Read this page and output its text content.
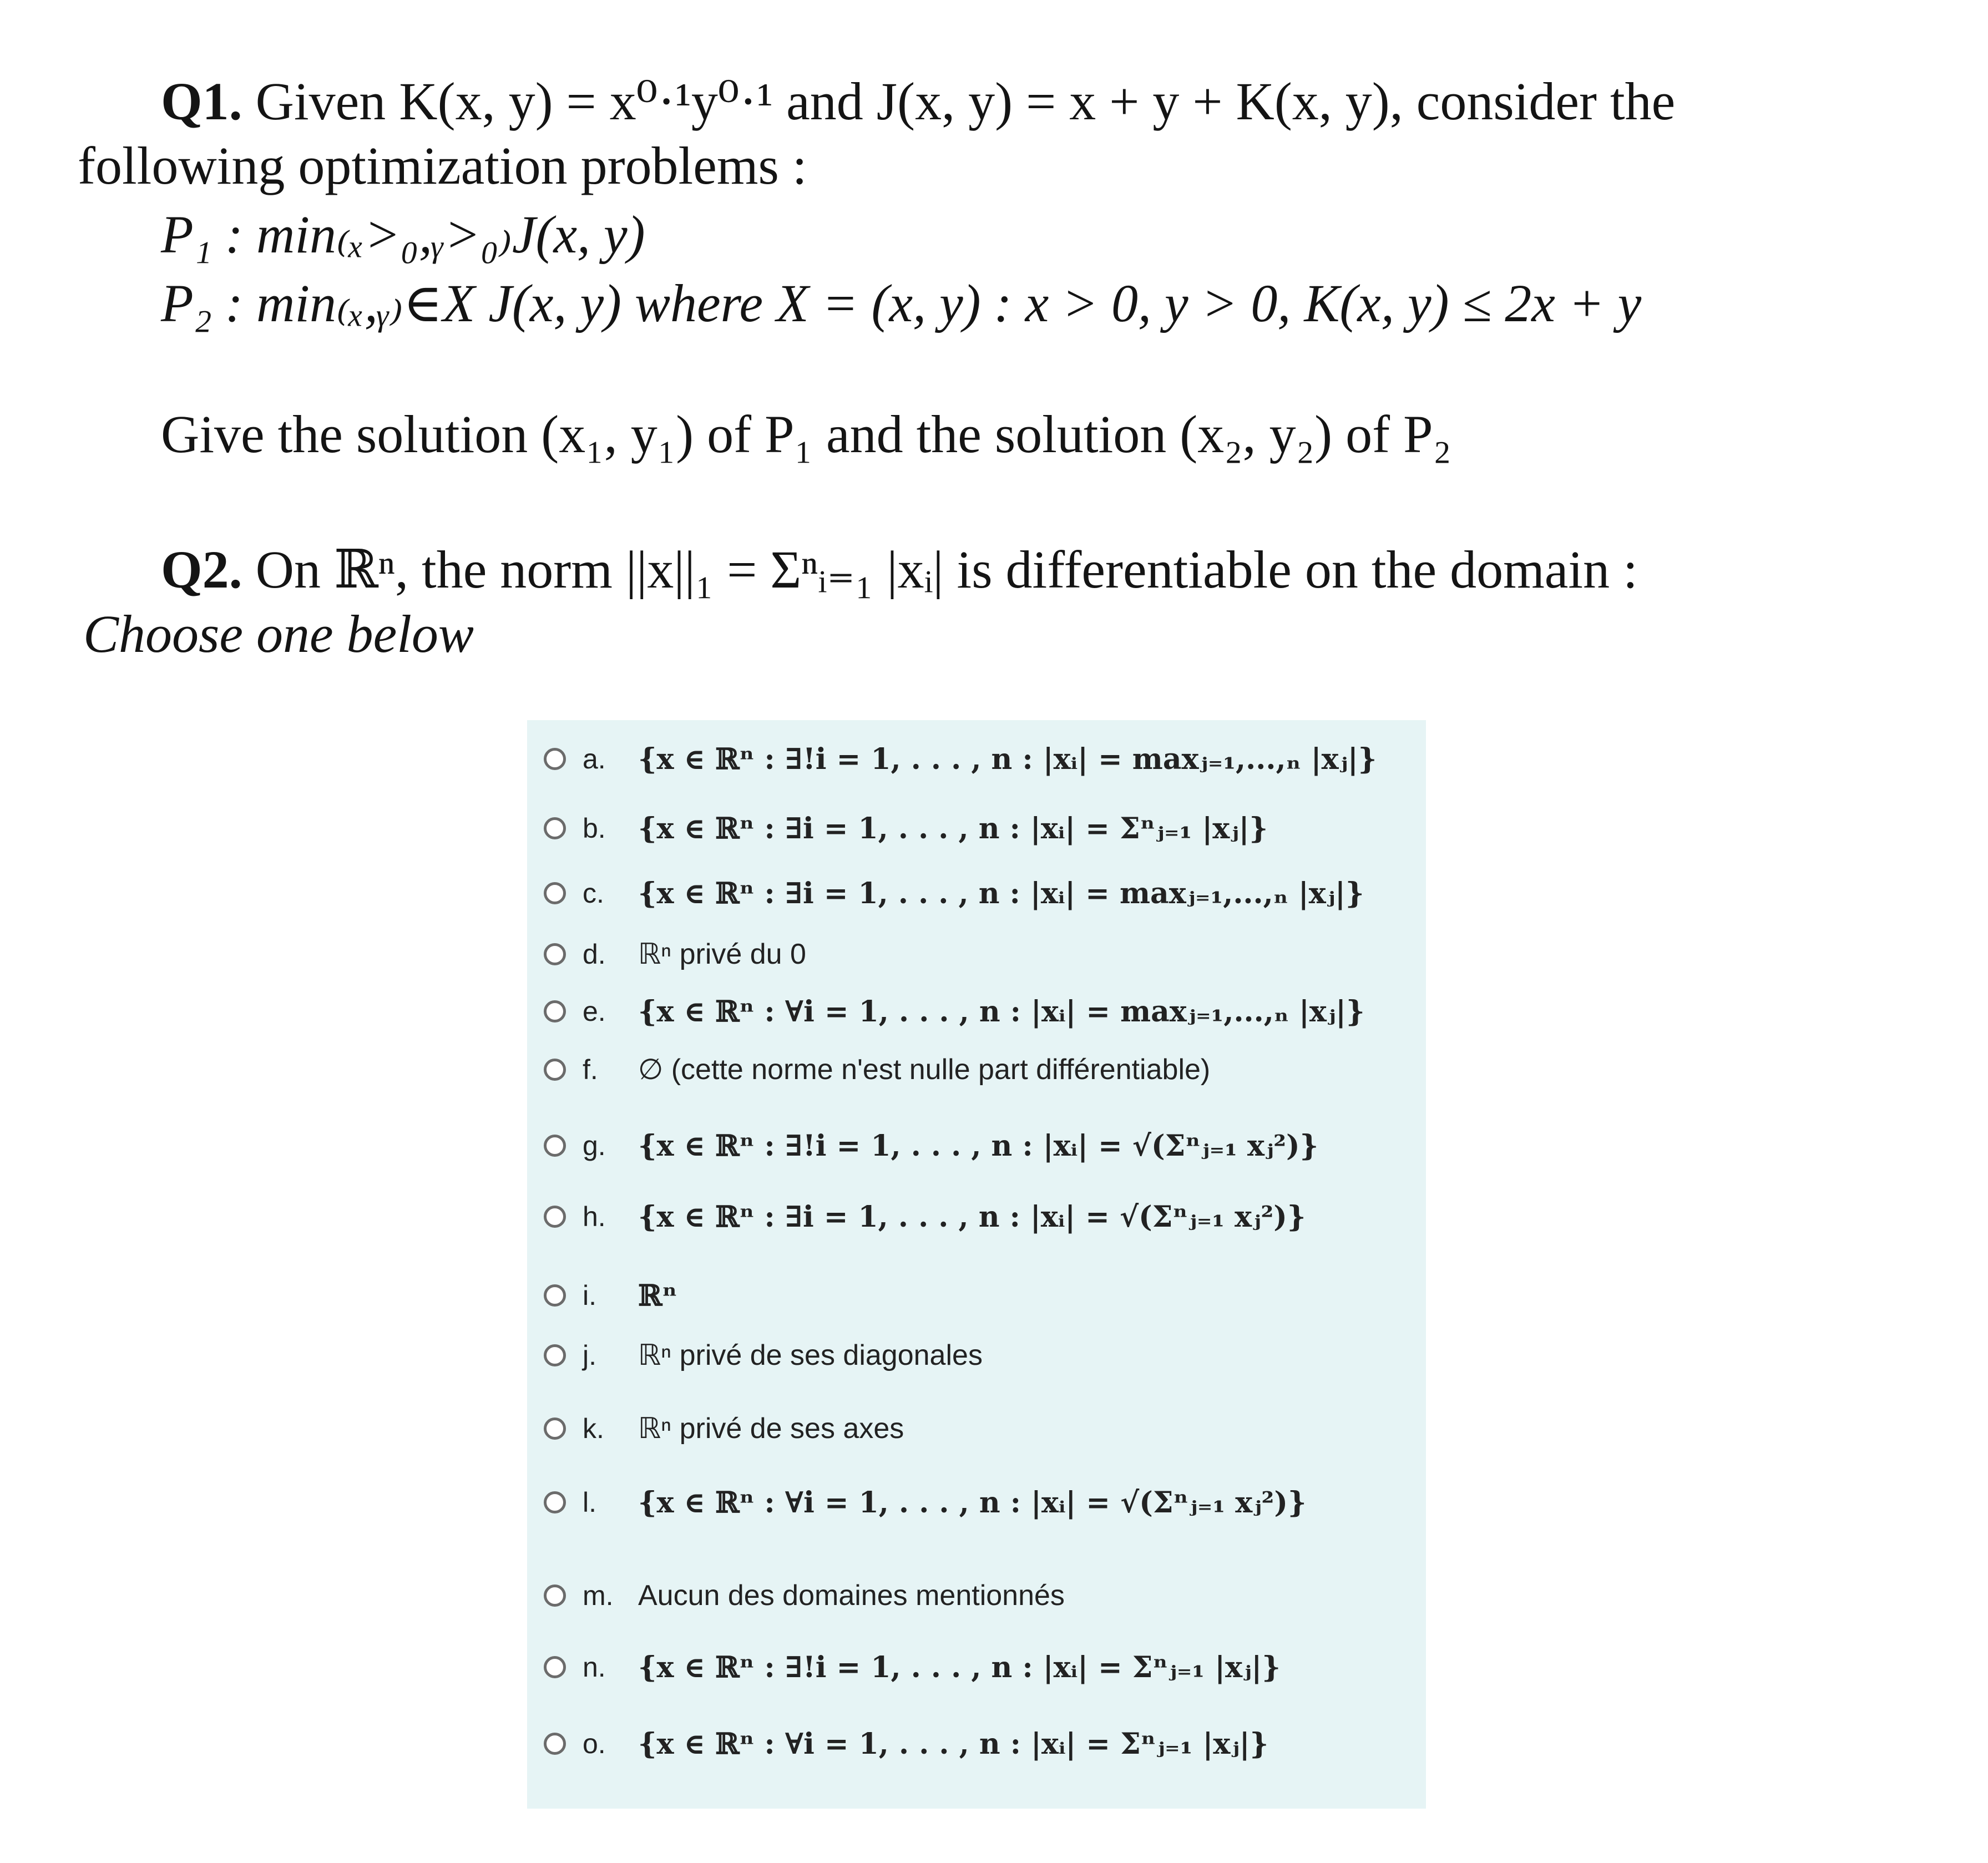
Q1. Given K(x, y) = x⁰·¹y⁰·¹ and J(x, y) = x + y + K(x, y), consider the
following optimization problems :
P₁ : min₍ₓ>₀,ᵧ>₀₎J(x, y)
P₂ : min₍ₓ,ᵧ₎∈X J(x, y) where X = (x, y) : x > 0, y > 0, K(x, y) ≤ 2x + y
Give the solution (x₁, y₁) of P₁ and the solution (x₂, y₂) of P₂
Q2. On ℝⁿ, the norm ||x||₁ = Σⁿᵢ₌₁ |xᵢ| is differentiable on the domain :
Choose one below
a.	{x ∈ ℝⁿ : ∃!i = 1, . . . , n : |xᵢ| = maxⱼ₌₁,...,ₙ |xⱼ|}
b.	{x ∈ ℝⁿ : ∃i = 1, . . . , n : |xᵢ| = Σⁿⱼ₌₁ |xⱼ|}
c.	{x ∈ ℝⁿ : ∃i = 1, . . . , n : |xᵢ| = maxⱼ₌₁,...,ₙ |xⱼ|}
d.	ℝⁿ privé du 0
e.	{x ∈ ℝⁿ : ∀i = 1, . . . , n : |xᵢ| = maxⱼ₌₁,...,ₙ |xⱼ|}
f.	∅ (cette norme n'est nulle part différentiable)
g.	{x ∈ ℝⁿ : ∃!i = 1, . . . , n : |xᵢ| = √(Σⁿⱼ₌₁ xⱼ²)}
h.	{x ∈ ℝⁿ : ∃i = 1, . . . , n : |xᵢ| = √(Σⁿⱼ₌₁ xⱼ²)}
i.	ℝⁿ
j.	ℝⁿ privé de ses diagonales
k.	ℝⁿ privé de ses axes
l.	{x ∈ ℝⁿ : ∀i = 1, . . . , n : |xᵢ| = √(Σⁿⱼ₌₁ xⱼ²)}
m. Aucun des domaines mentionnés
n.	{x ∈ ℝⁿ : ∃!i = 1, . . . , n : |xᵢ| = Σⁿⱼ₌₁ |xⱼ|}
o.	{x ∈ ℝⁿ : ∀i = 1, . . . , n : |xᵢ| = Σⁿⱼ₌₁ |xⱼ|}
